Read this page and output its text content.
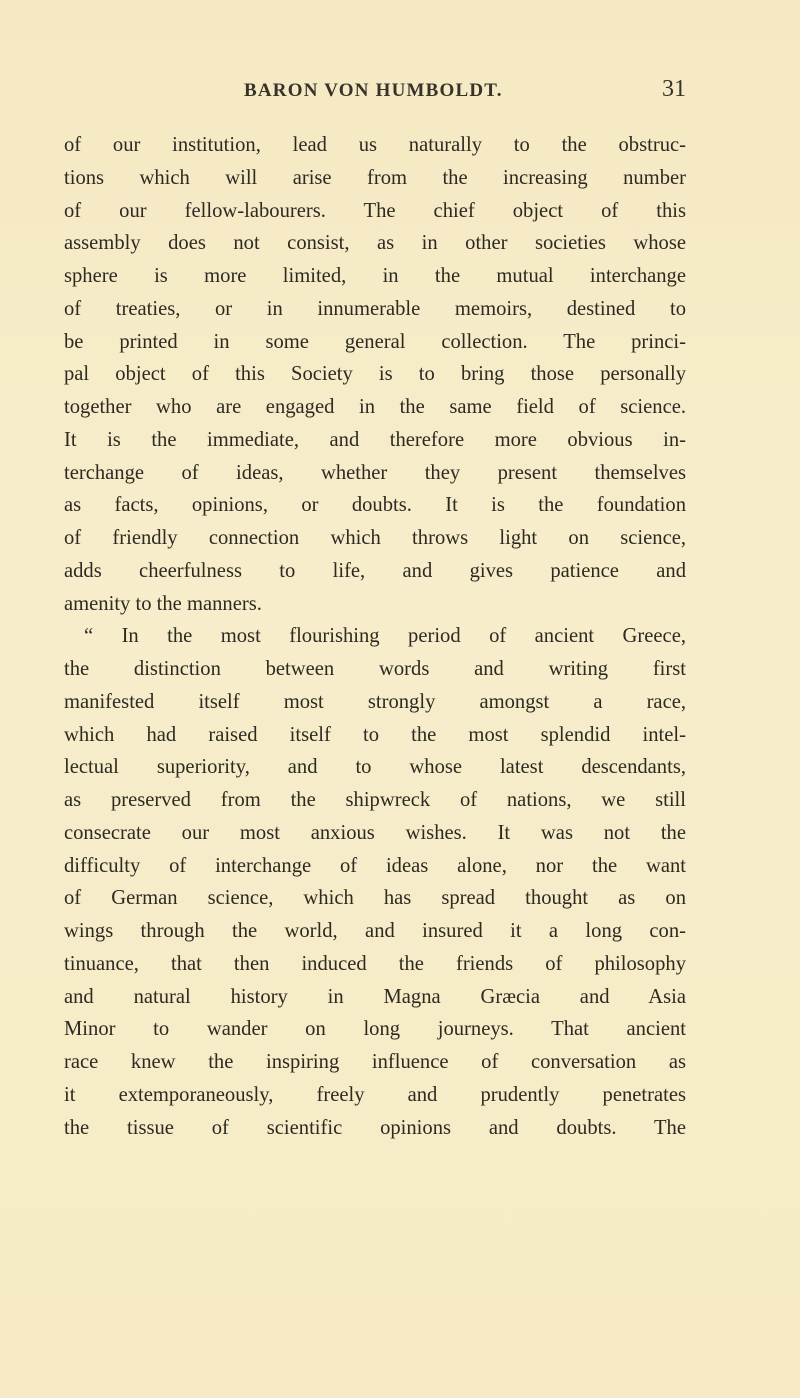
BARON VON HUMBOLDT.	31
of our institution, lead us naturally to the obstruc-
tions which will arise from the increasing number
of our fellow-labourers. The chief object of this
assembly does not consist, as in other societies whose
sphere is more limited, in the mutual interchange
of treaties, or in innumerable memoirs, destined to
be printed in some general collection. The princi-
pal object of this Society is to bring those personally
together who are engaged in the same field of science.
It is the immediate, and therefore more obvious in-
terchange of ideas, whether they present themselves
as facts, opinions, or doubts. It is the foundation
of friendly connection which throws light on science,
adds cheerfulness to life, and gives patience and
amenity to the manners.
“ In the most flourishing period of ancient Greece,
the distinction between words and writing first
manifested itself most strongly amongst a race,
which had raised itself to the most splendid intel-
lectual superiority, and to whose latest descendants,
as preserved from the shipwreck of nations, we still
consecrate our most anxious wishes. It was not the
difficulty of interchange of ideas alone, nor the want
of German science, which has spread thought as on
wings through the world, and insured it a long con-
tinuance, that then induced the friends of philosophy
and natural history in Magna Græcia and Asia
Minor to wander on long journeys. That ancient
race knew the inspiring influence of conversation as
it extemporaneously, freely and prudently penetrates
the tissue of scientific opinions and doubts. The
